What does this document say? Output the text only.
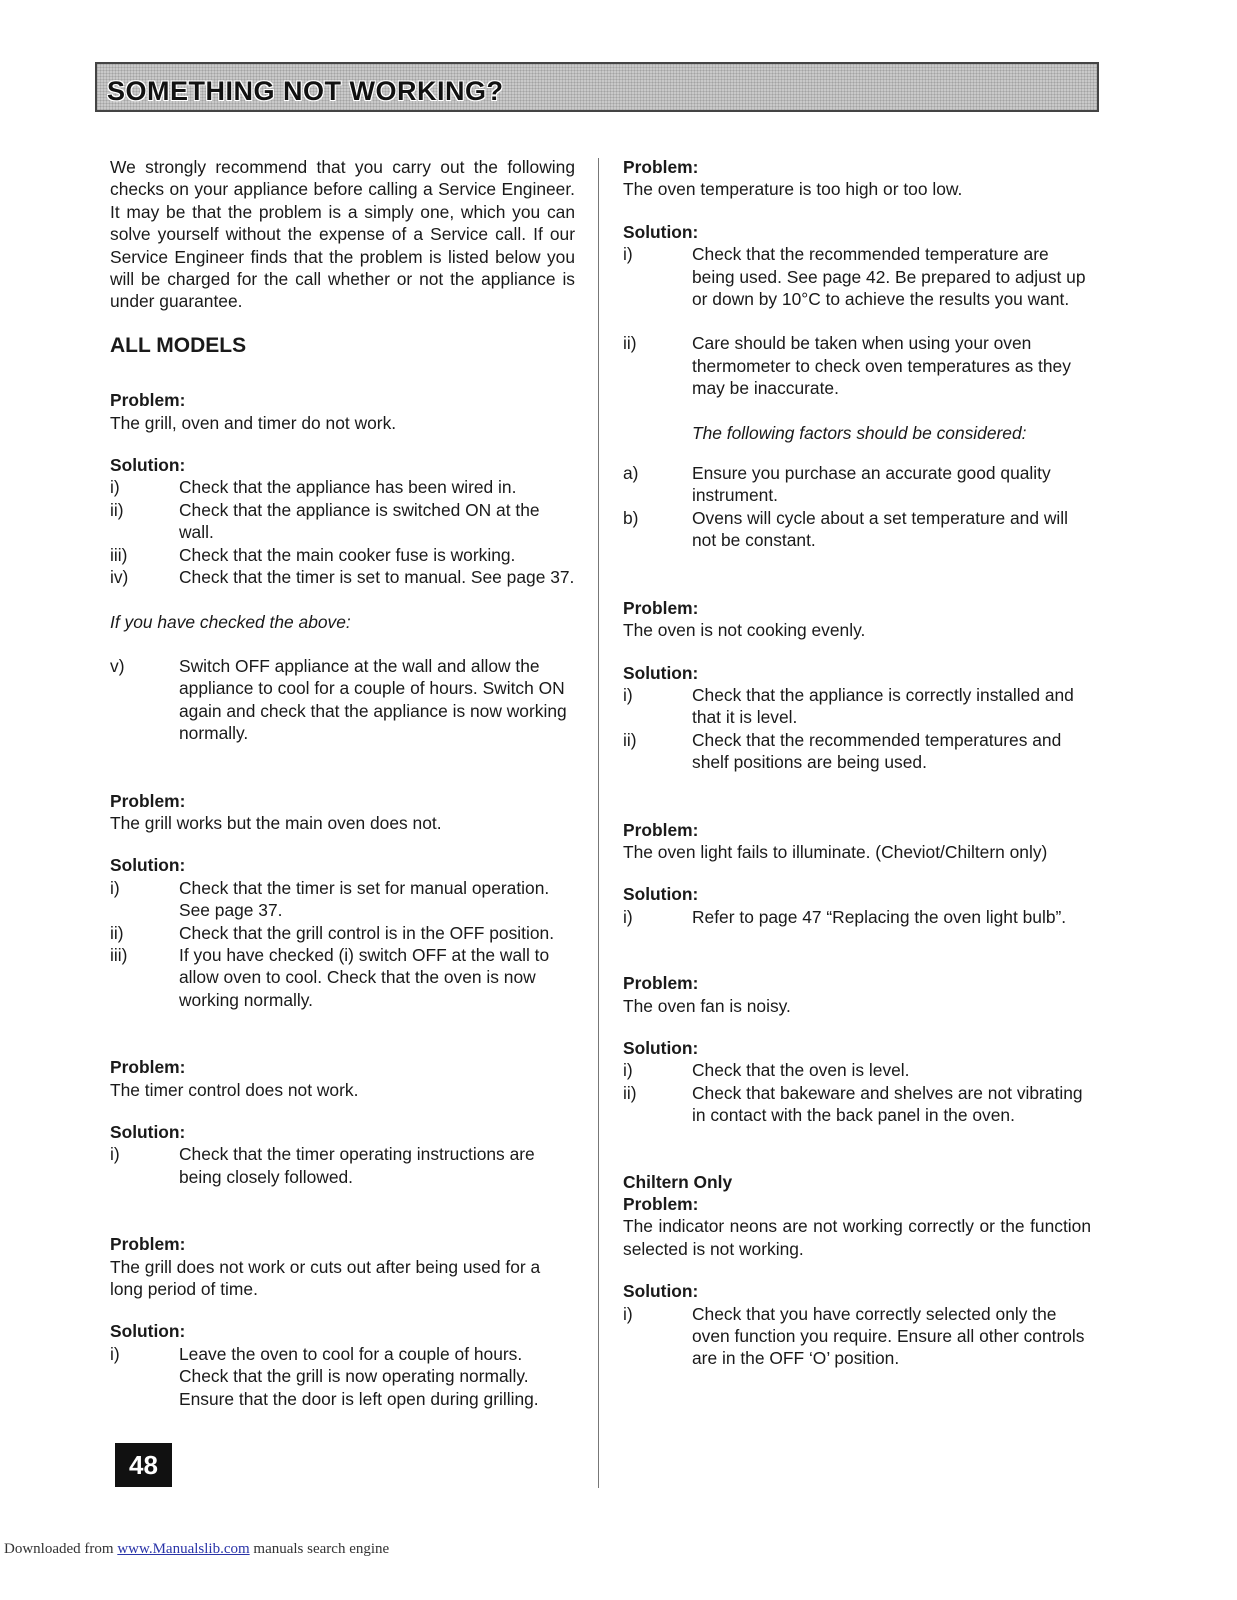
SOMETHING NOT WORKING?

We strongly recommend that you carry out the following checks on your appliance before calling a Service Engineer. It may be that the problem is a simply one, which you can solve yourself without the expense of a Service call. If our Service Engineer finds that the problem is listed below you will be charged for the call whether or not the appliance is under guarantee.

ALL MODELS

Problem:

The grill, oven and timer do not work.

Solution:

i)	Check that the appliance has been wired in.
ii)	Check that the appliance is switched ON at the wall.
iii)	Check that the main cooker fuse is working.
iv)	Check that the timer is set to manual. See page 37.

If you have checked the above:

v)	Switch OFF appliance at the wall and allow the appliance to cool for a couple of hours. Switch ON again and check that the appliance is now working normally.

Problem:

The grill works but the main oven does not.

Solution:

i)	Check that the timer is set for manual operation. See page 37.
ii)	Check that the grill control is in the OFF position.
iii)	If you have checked (i) switch OFF at the wall to allow oven to cool. Check that the oven is now working normally.

Problem:

The timer control does not work.

Solution:

i)	Check that the timer operating instructions are being closely followed.

Problem:

The grill does not work or cuts out after being used for a long period of time.

Solution:

i)	Leave the oven to cool for a couple of hours. Check that the grill is now operating normally. Ensure that the door is left open during grilling.

Problem:

The oven temperature is too high or too low.

Solution:

i)	Check that the recommended temperature are being used. See page 42. Be prepared to adjust up or down by 10°C to achieve the results you want.
ii)	Care should be taken when using your oven thermometer to check oven temperatures as they may be inaccurate.

The following factors should be considered:

a)	Ensure you purchase an accurate good quality instrument.
b)	Ovens will cycle about a set temperature and will not be constant.

Problem:

The oven is not cooking evenly.

Solution:

i)	Check that the appliance is correctly installed and that it is level.
ii)	Check that the recommended temperatures and shelf positions are being used.

Problem:

The oven light fails to illuminate. (Cheviot/Chiltern only)

Solution:

i)	Refer to page 47 “Replacing the oven light bulb”.

Problem:

The oven fan is noisy.

Solution:

i)	Check that the oven is level.
ii)	Check that bakeware and shelves are not vibrating in contact with the back panel in the oven.

Chiltern Only

Problem:

The indicator neons are not working correctly or the function selected is not working.

Solution:

i)	Check that you have correctly selected only the oven function you require. Ensure all other controls are in the OFF ‘O’ position.
48
Downloaded from www.Manualslib.com manuals search engine
